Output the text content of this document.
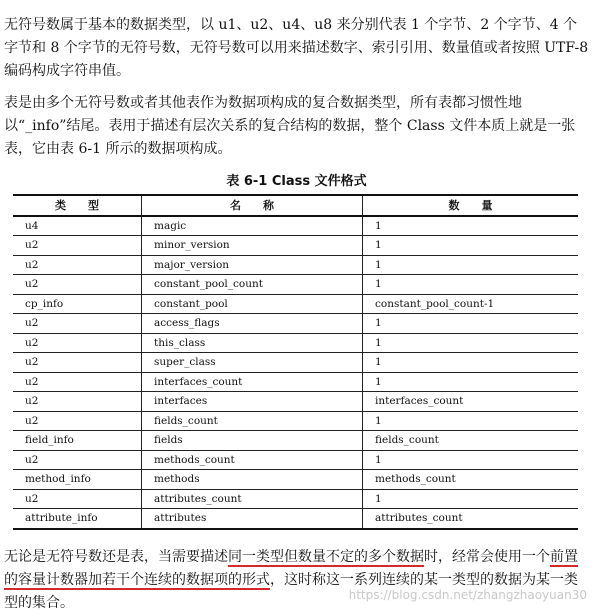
无符号数属于基本的数据类型，以 u1、u2、u4、u8 来分别代表 1 个字节、2 个字节、4 个字节和 8 个字节的无符号数，无符号数可以用来描述数字、索引引用、数量值或者按照 UTF-8 编码构成字符串值。

表是由多个无符号数或者其他表作为数据项构成的复合数据类型，所有表都习惯性地以“_info”结尾。表用于描述有层次关系的复合结构的数据，整个 Class 文件本质上就是一张表，它由表 6-1 所示的数据项构成。

表 6-1 Class 文件格式
类　　型	名　　称	数　　量
u4	magic	1
u2	minor_version	1
u2	major_version	1
u2	constant_pool_count	1
cp_info	constant_pool	constant_pool_count-1
u2	access_flags	1
u2	this_class	1
u2	super_class	1
u2	interfaces_count	1
u2	interfaces	interfaces_count
u2	fields_count	1
field_info	fields	fields_count
u2	methods_count	1
method_info	methods	methods_count
u2	attributes_count	1
attribute_info	attributes	attributes_count

无论是无符号数还是表，当需要描述同一类型但数量不定的多个数据时，经常会使用一个前置的容量计数器加若干个连续的数据项的形式，这时称这一系列连续的某一类型的数据为某一类型的集合。	https://blog.csdn.net/zhangzhaoyuan30
